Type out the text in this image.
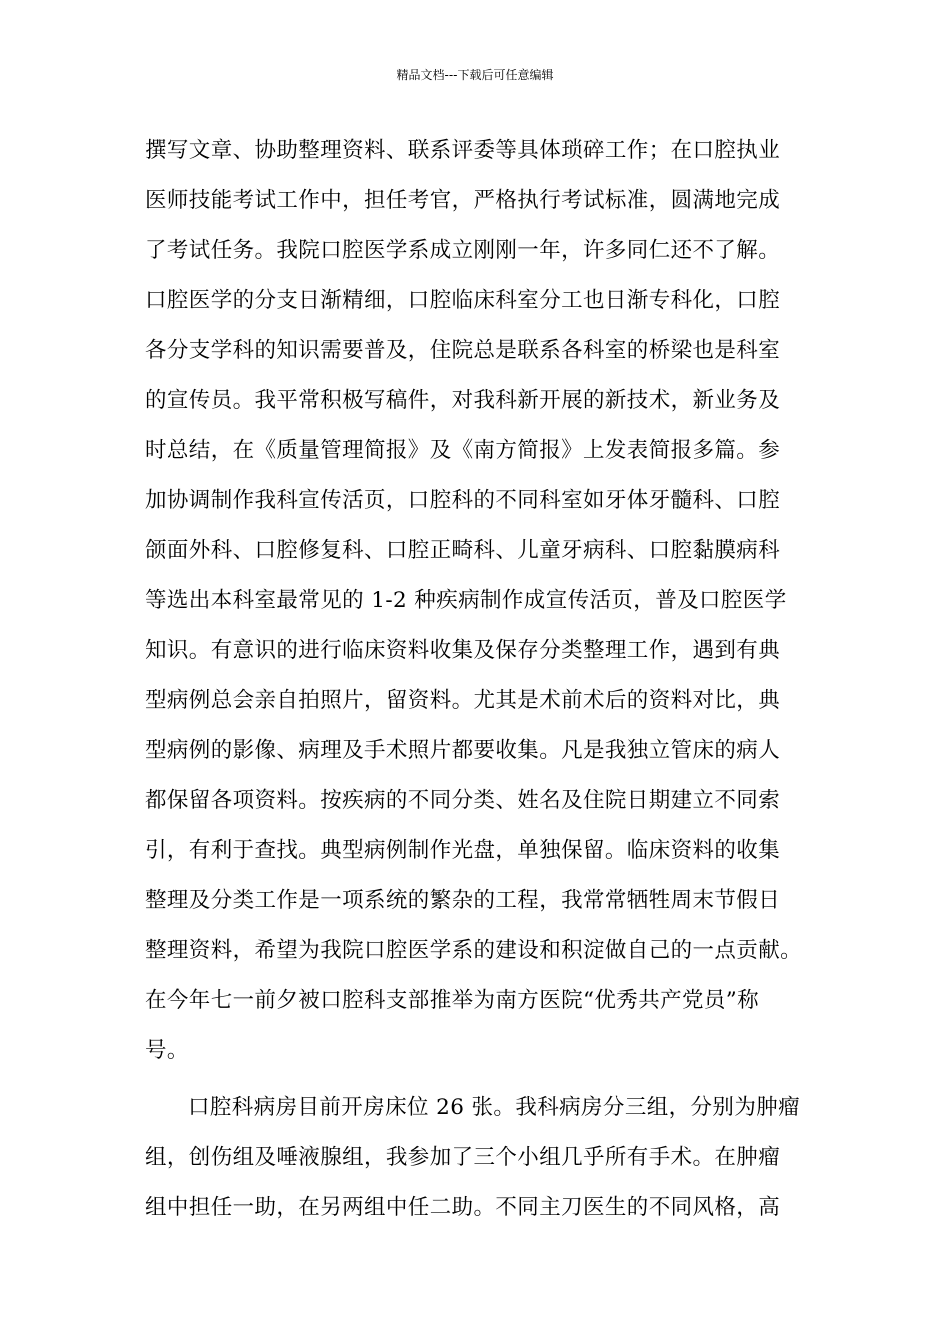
精品文档---下载后可任意编辑
撰写文章、协助整理资料、联系评委等具体琐碎工作；在口腔执业
医师技能考试工作中，担任考官，严格执行考试标准，圆满地完成
了考试任务。我院口腔医学系成立刚刚一年，许多同仁还不了解。
口腔医学的分支日渐精细，口腔临床科室分工也日渐专科化，口腔
各分支学科的知识需要普及，住院总是联系各科室的桥梁也是科室
的宣传员。我平常积极写稿件，对我科新开展的新技术，新业务及
时总结，在《质量管理简报》及《南方简报》上发表简报多篇。参
加协调制作我科宣传活页，口腔科的不同科室如牙体牙髓科、口腔
颌面外科、口腔修复科、口腔正畸科、儿童牙病科、口腔黏膜病科
等选出本科室最常见的 1-2 种疾病制作成宣传活页，普及口腔医学
知识。有意识的进行临床资料收集及保存分类整理工作，遇到有典
型病例总会亲自拍照片，留资料。尤其是术前术后的资料对比，典
型病例的影像、病理及手术照片都要收集。凡是我独立管床的病人
都保留各项资料。按疾病的不同分类、姓名及住院日期建立不同索
引，有利于查找。典型病例制作光盘，单独保留。临床资料的收集
整理及分类工作是一项系统的繁杂的工程，我常常牺牲周末节假日
整理资料，希望为我院口腔医学系的建设和积淀做自己的一点贡献。
在今年七一前夕被口腔科支部推举为南方医院“优秀共产党员”称
号。
口腔科病房目前开房床位 26 张。我科病房分三组，分别为肿瘤
组，创伤组及唾液腺组，我参加了三个小组几乎所有手术。在肿瘤
组中担任一助，在另两组中任二助。不同主刀医生的不同风格，高
